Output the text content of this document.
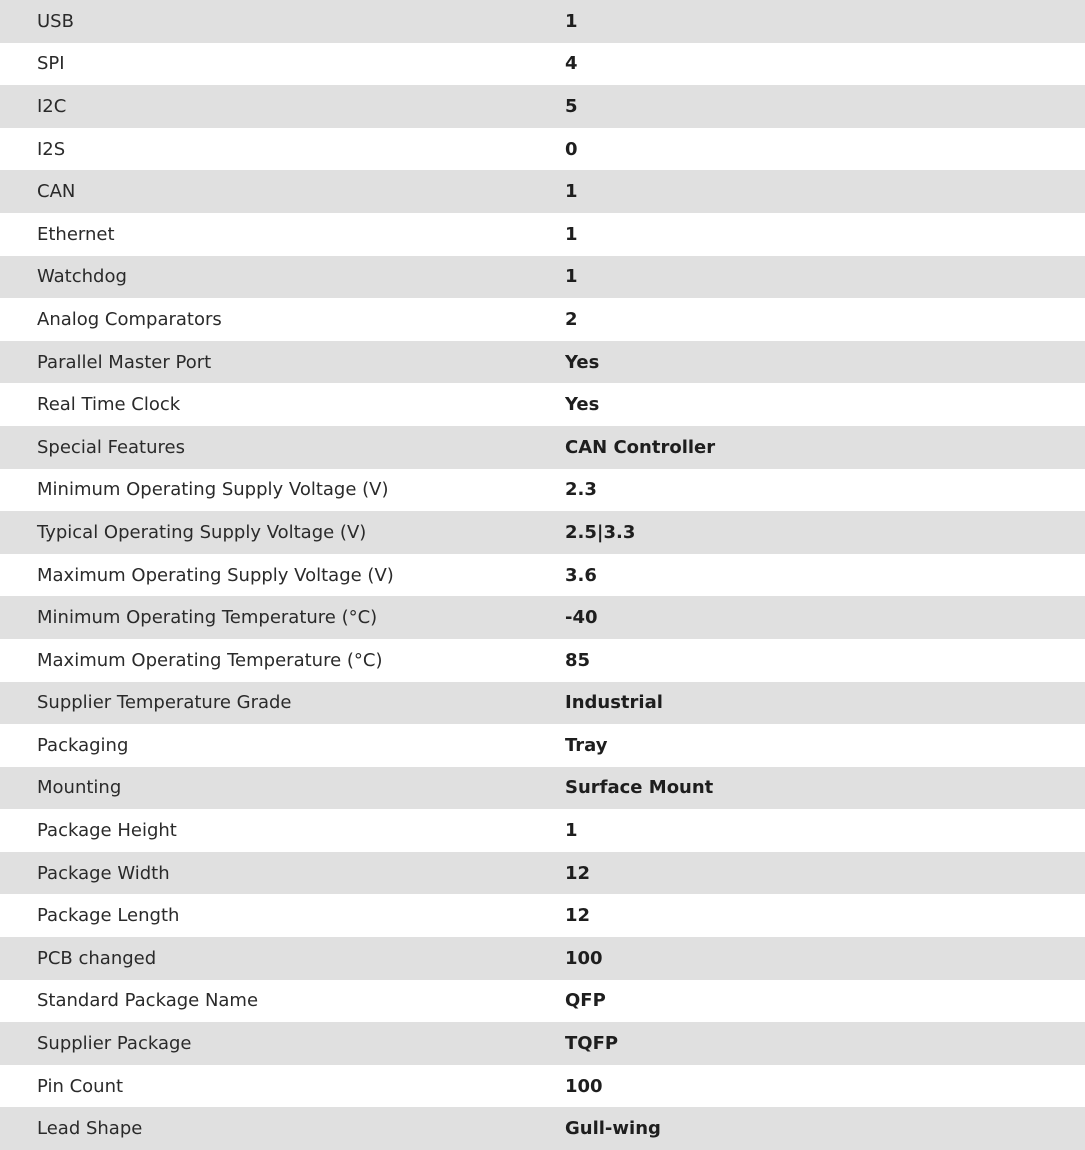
USB	1
SPI	4
I2C	5
I2S	0
CAN	1
Ethernet	1
Watchdog	1
Analog Comparators	2
Parallel Master Port	Yes
Real Time Clock	Yes
Special Features	CAN Controller
Minimum Operating Supply Voltage (V)	2.3
Typical Operating Supply Voltage (V)	2.5|3.3
Maximum Operating Supply Voltage (V)	3.6
Minimum Operating Temperature (°C)	-40
Maximum Operating Temperature (°C)	85
Supplier Temperature Grade	Industrial
Packaging	Tray
Mounting	Surface Mount
Package Height	1
Package Width	12
Package Length	12
PCB changed	100
Standard Package Name	QFP
Supplier Package	TQFP
Pin Count	100
Lead Shape	Gull-wing
